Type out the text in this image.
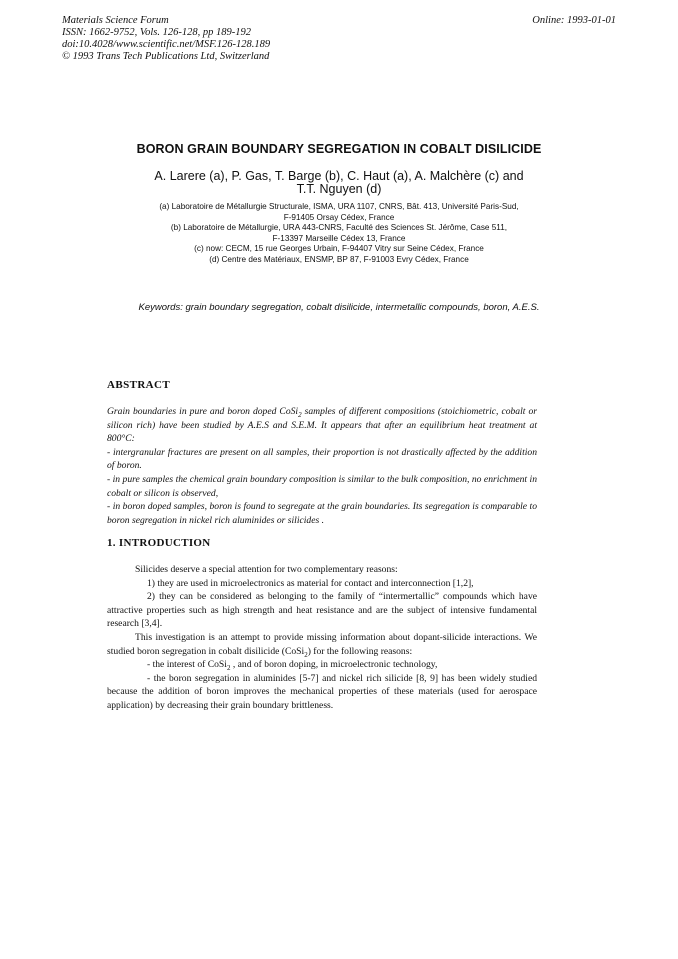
Materials Science Forum
ISSN: 1662-9752, Vols. 126-128, pp 189-192
doi:10.4028/www.scientific.net/MSF.126-128.189
© 1993 Trans Tech Publications Ltd, Switzerland
Online: 1993-01-01
BORON GRAIN BOUNDARY SEGREGATION IN COBALT DISILICIDE
A. Larere (a), P. Gas, T. Barge (b), C. Haut (a), A. Malchère (c) and
T.T. Nguyen (d)
(a) Laboratoire de Métallurgie Structurale, ISMA, URA 1107, CNRS, Bât. 413, Université Paris-Sud,
F-91405 Orsay Cédex, France
(b) Laboratoire de Métallurgie, URA 443-CNRS, Faculté des Sciences St. Jérôme, Case 511,
F-13397 Marseille Cédex 13, France
(c) now: CECM, 15 rue Georges Urbain, F-94407 Vitry sur Seine Cédex, France
(d) Centre des Matériaux, ENSMP, BP 87, F-91003 Evry Cédex, France
Keywords: grain boundary segregation, cobalt disilicide, intermetallic compounds, boron, A.E.S.
ABSTRACT

Grain boundaries in pure and boron doped CoSi$_2$ samples of different compositions (stoichiometric, cobalt or silicon rich) have been studied by A.E.S and S.E.M. It appears that after an equilibrium heat treatment at 800°C:

- intergranular fractures are present on all samples, their proportion is not drastically affected by the addition of boron.

- in pure samples the chemical grain boundary composition is similar to the bulk composition, no enrichment in cobalt or silicon is observed,

- in boron doped samples, boron is found to segregate at the grain boundaries. Its segregation is comparable to boron segregation in nickel rich aluminides or silicides .

1. INTRODUCTION

Silicides deserve a special attention for two complementary reasons:

1) they are used in microelectronics as material for contact and interconnection [1,2],

2) they can be considered as belonging to the family of “intermertallic” compounds which have attractive properties such as high strength and heat resistance and are the subject of intensive fundamental research [3,4].

This investigation is an attempt to provide missing information about dopant-silicide interactions. We studied boron segregation in cobalt disilicide (CoSi$_2$) for the following reasons:

- the interest of CoSi$_2$ , and of boron doping, in microelectronic technology,

- the boron segregation in aluminides [5-7] and nickel rich silicide [8, 9] has been widely studied because the addition of boron improves the mechanical properties of these materials (used for aerospace application) by decreasing their grain boundary brittleness.
